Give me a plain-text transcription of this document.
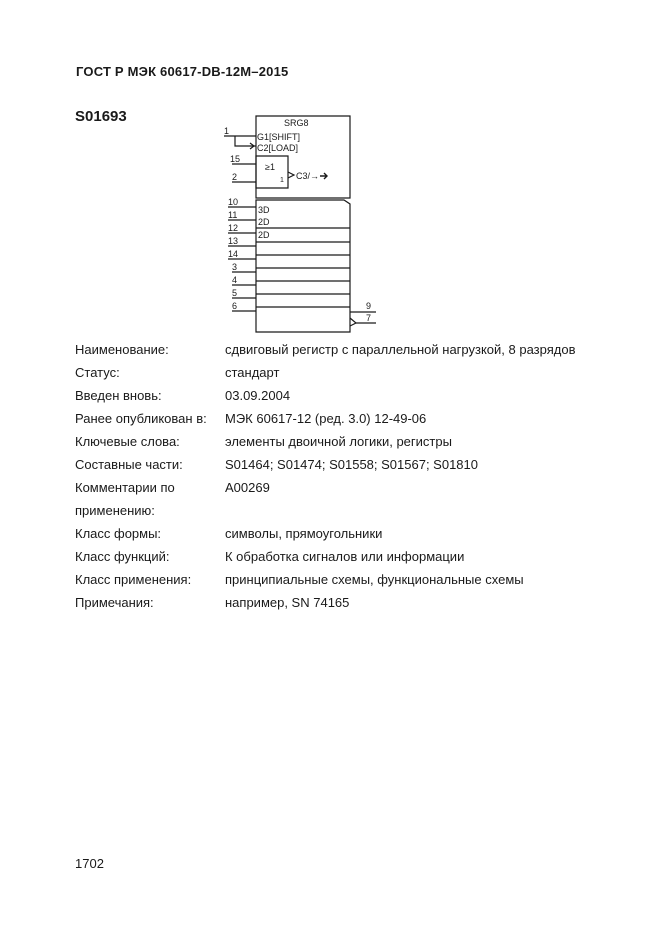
ГОСТ Р МЭК 60617-DB-12M–2015
S01693	SRG8
G1[SHIFT]
C2[LOAD]
1
≥1
1
15
2	C3/→
3D
2D
2D
10
11
12
13
14
3
4
5
6	9
7
Наименование:	сдвиговый регистр с параллельной нагрузкой, 8 разрядов
Статус:	стандарт
Введен вновь:	03.09.2004
Ранее опубликован в:	МЭК 60617-12 (ред. 3.0) 12-49-06
Ключевые слова:	элементы двоичной логики, регистры
Составные части:	S01464; S01474; S01558; S01567; S01810
Комментарии по	A00269
применению:
Класс формы:	символы, прямоугольники
Класс функций:	К обработка сигналов или информации
Класс применения:	принципиальные схемы, функциональные схемы
Примечания:	например, SN 74165
1702
